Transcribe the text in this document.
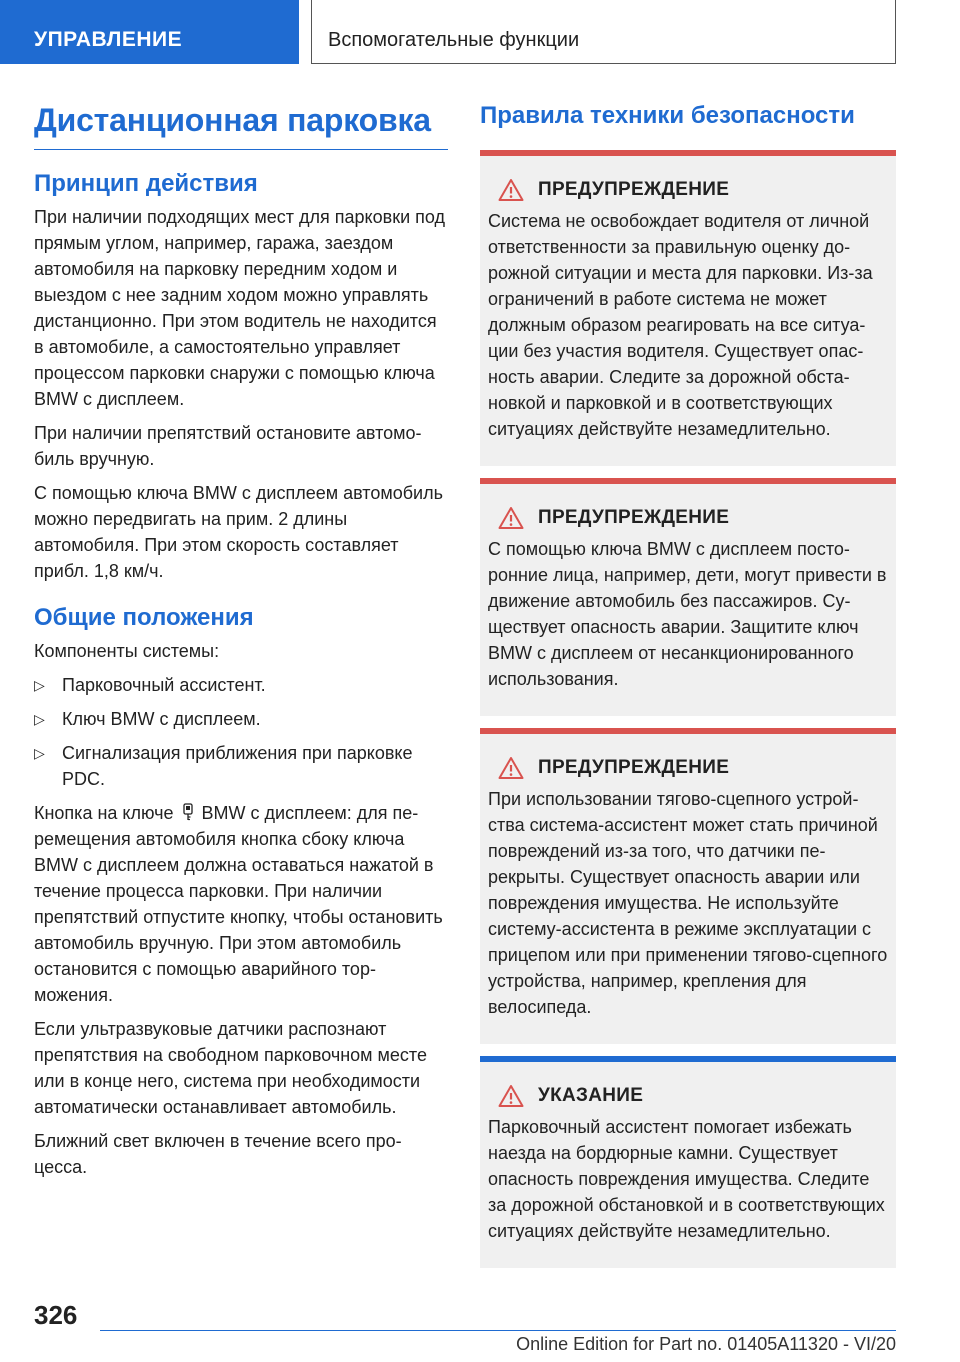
УПРАВЛЕНИЕ	Вспомогательные функции
Дистанционная парковка
Принцип действия

При наличии подходящих мест для парковки под прямым углом, например, гаража, заездом автомобиля на парковку передним ходом и выездом с нее задним ходом можно управлять дистанционно. При этом водитель не находится в автомобиле, а самостоятельно управляет процессом парковки снаружи с помощью ключа BMW с дисплеем.

При наличии препятствий остановите автомобиль вручную.

С помощью ключа BMW с дисплеем автомобиль можно передвигать на прим. 2 длины автомобиля. При этом скорость составляет прибл. 1,8 км/ч.

Общие положения

Компоненты системы:

▷ Парковочный ассистент.
▷ Ключ BMW с дисплеем.
▷ Сигнализация приближения при парковке PDC.

Кнопка на ключе BMW с дисплеем: для перемещения автомобиля кнопка сбоку ключа BMW с дисплеем должна оставаться нажатой в течение процесса парковки. При наличии препятствий отпустите кнопку, чтобы остановить автомобиль вручную. При этом автомобиль остановится с помощью аварийного торможения.

Если ультразвуковые датчики распознают препятствия на свободном парковочном месте или в конце него, система при необходимости автоматически останавливает автомобиль.

Ближний свет включен в течение всего процесса.

Правила техники безопасности
ПРЕДУПРЕЖДЕНИЕ

Система не освобождает водителя от личной ответственности за правильную оценку дорожной ситуации и места для парковки. Из-за ограничений в работе система не может должным образом реагировать на все ситуации без участия водителя. Существует опасность аварии. Следите за дорожной обстановкой и парковкой и в соответствующих ситуациях действуйте незамедлительно.

ПРЕДУПРЕЖДЕНИЕ

С помощью ключа BMW с дисплеем посторонние лица, например, дети, могут привести в движение автомобиль без пассажиров. Существует опасность аварии. Защитите ключ BMW с дисплеем от несанкционированного использования.

ПРЕДУПРЕЖДЕНИЕ

При использовании тягово-сцепного устройства система-ассистент может стать причиной повреждений из-за того, что датчики перекрыты. Существует опасность аварии или повреждения имущества. Не используйте систему-ассистента в режиме эксплуатации с прицепом или при применении тягово-сцепного устройства, например, крепления для велосипеда.

УКАЗАНИЕ

Парковочный ассистент помогает избежать наезда на бордюрные камни. Существует опасность повреждения имущества. Следите за дорожной обстановкой и в соответствующих ситуациях действуйте незамедлительно.

326
Online Edition for Part no. 01405A11320 - VI/20
